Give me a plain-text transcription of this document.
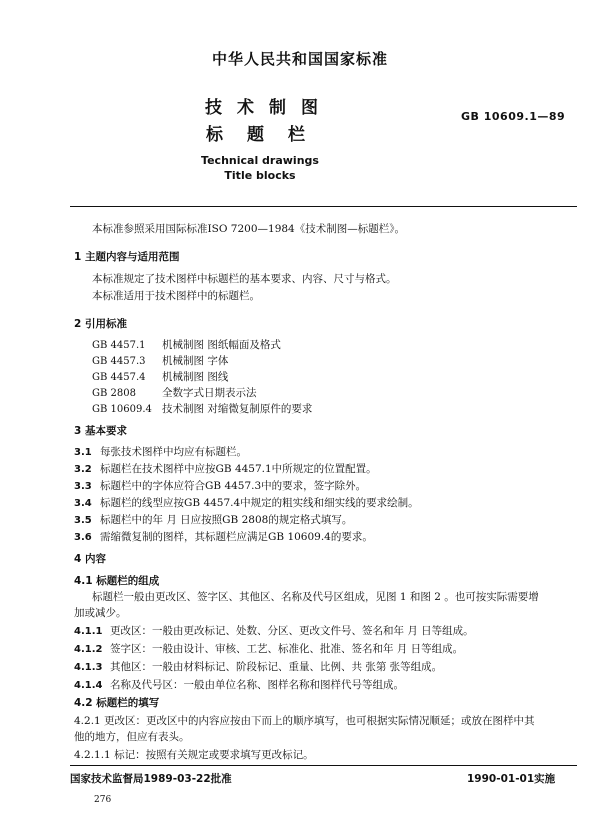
中华人民共和国国家标准
技术制图
标题栏
GB 10609.1—89
Technical drawings
Title blocks
本标准参照采用国际标准ISO 7200—1984《技术制图—标题栏》。
1 主题内容与适用范围
本标准规定了技术图样中标题栏的基本要求、内容、尺寸与格式。
本标准适用于技术图样中的标题栏。
2 引用标准
GB 4457.1 机械制图 图纸幅面及格式
GB 4457.3 机械制图 字体
GB 4457.4 机械制图 图线
GB 2808 全数字式日期表示法
GB 10609.4 技术制图 对缩微复制原件的要求
3 基本要求
3.1 每张技术图样中均应有标题栏。
3.2 标题栏在技术图样中应按GB 4457.1中所规定的位置配置。
3.3 标题栏中的字体应符合GB 4457.3中的要求，签字除外。
3.4 标题栏的线型应按GB 4457.4中规定的粗实线和细实线的要求绘制。
3.5 标题栏中的年 月 日应按照GB 2808的规定格式填写。
3.6 需缩微复制的图样，其标题栏应满足GB 10609.4的要求。
4 内容
4.1 标题栏的组成
标题栏一般由更改区、签字区、其他区、名称及代号区组成，见图 1 和图 2 。也可按实际需要增
加或减少。
4.1.1 更改区：一般由更改标记、处数、分区、更改文件号、签名和年 月 日等组成。
4.1.2 签字区：一般由设计、审核、工艺、标准化、批准、签名和年 月 日等组成。
4.1.3 其他区：一般由材料标记、阶段标记、重量、比例、共 张第 张等组成。
4.1.4 名称及代号区：一般由单位名称、图样名称和图样代号等组成。
4.2 标题栏的填写
4.2.1 更改区：更改区中的内容应按由下而上的顺序填写，也可根据实际情况顺延；或放在图样中其
他的地方，但应有表头。
4.2.1.1 标记：按照有关规定或要求填写更改标记。
国家技术监督局1989-03-22批准	1990-01-01实施
276
